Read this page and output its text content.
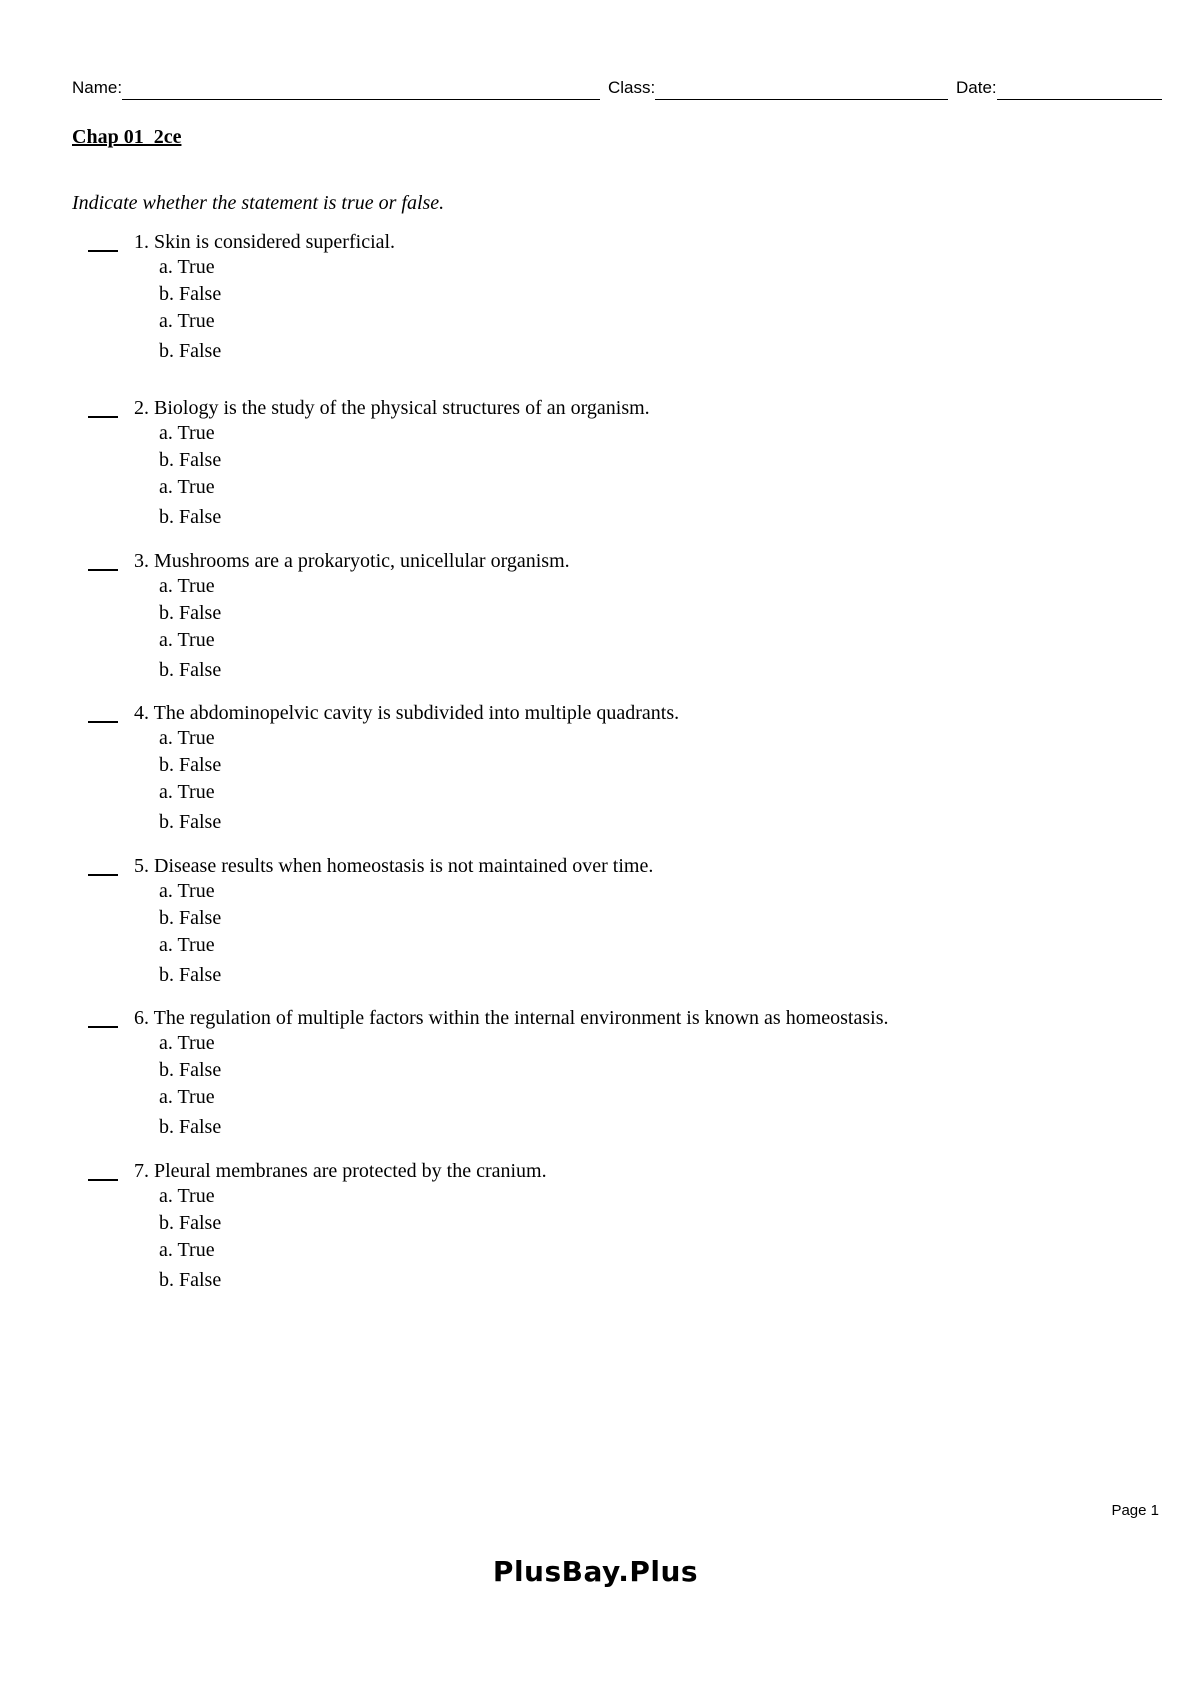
Name:	Class:	Date:
Chap 01_2ce

Indicate whether the statement is true or false.

1. Skin is considered superficial.
a. True
b. False
a. True
b. False
2. Biology is the study of the physical structures of an organism.
a. True
b. False
a. True
b. False
3. Mushrooms are a prokaryotic, unicellular organism.
a. True
b. False
a. True
b. False
4. The abdominopelvic cavity is subdivided into multiple quadrants.
a. True
b. False
a. True
b. False
5. Disease results when homeostasis is not maintained over time.
a. True
b. False
a. True
b. False
6. The regulation of multiple factors within the internal environment is known as homeostasis.
a. True
b. False
a. True
b. False
7. Pleural membranes are protected by the cranium.
a. True
b. False
a. True
b. False
Page 1
PlusBay.Plus
